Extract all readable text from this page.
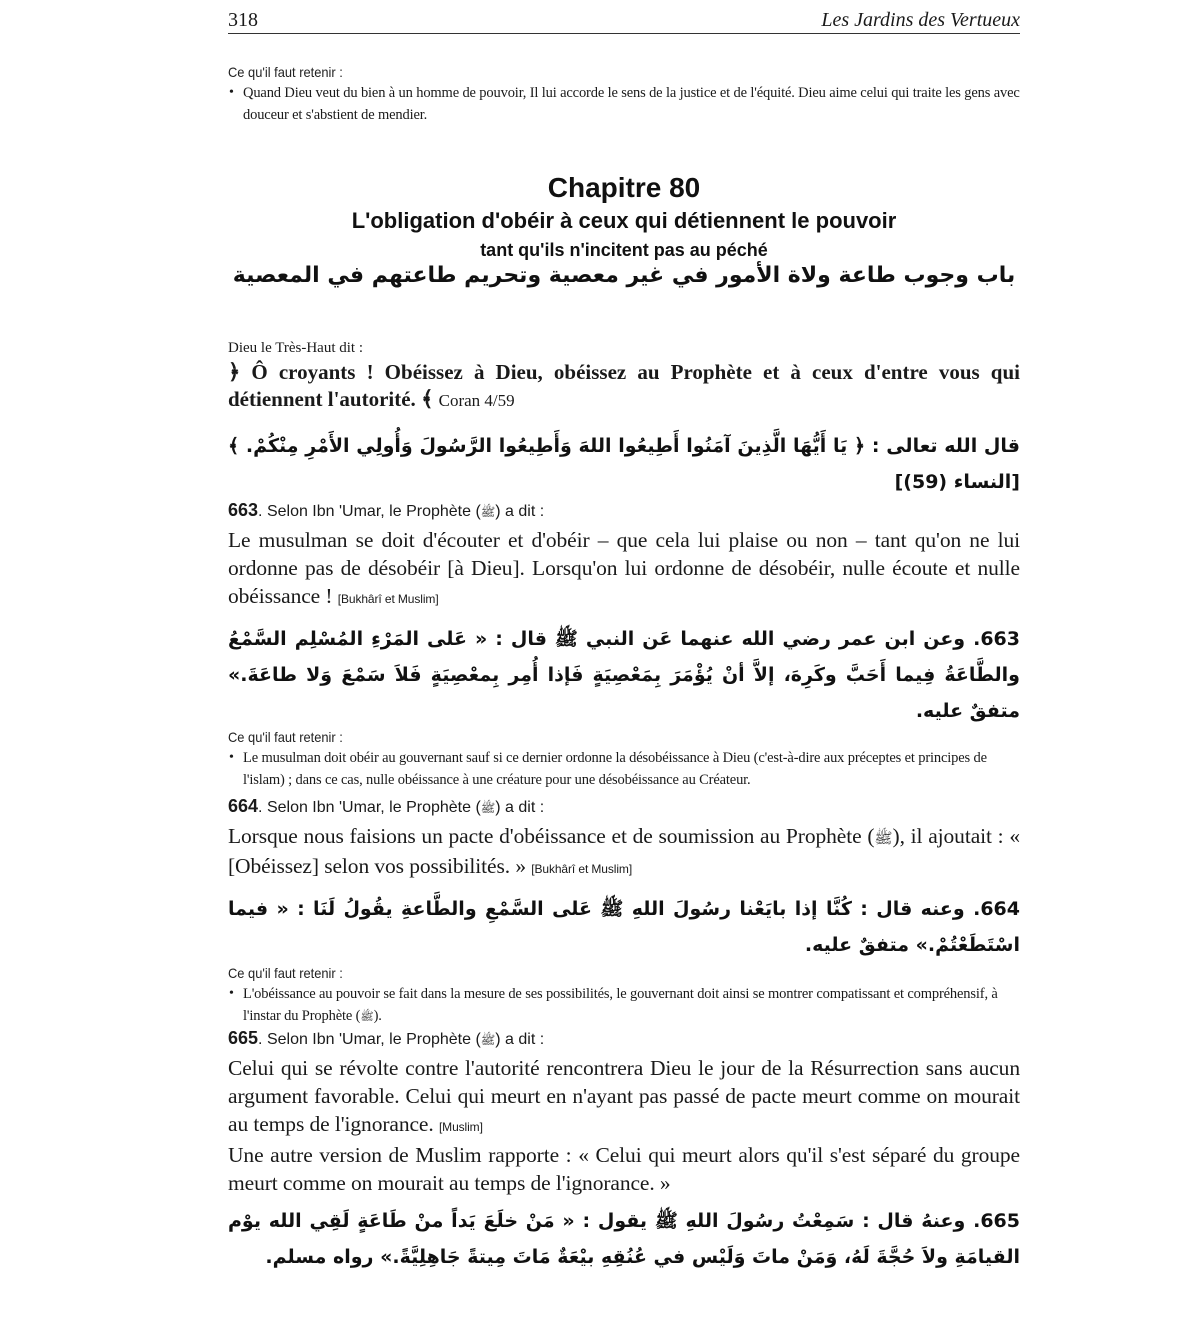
318	Les Jardins des Vertueux
Ce qu'il faut retenir :
• Quand Dieu veut du bien à un homme de pouvoir, Il lui accorde le sens de la justice et de l'équité. Dieu aime celui qui traite les gens avec douceur et s'abstient de mendier.
Chapitre 80
L'obligation d'obéir à ceux qui détiennent le pouvoir
tant qu'ils n'incitent pas au péché
باب وجوب طاعة ولاة الأمور في غير معصية وتحريم طاعتهم في المعصية
Dieu le Très-Haut dit :
﴿ Ô croyants ! Obéissez à Dieu, obéissez au Prophète et à ceux d'entre vous qui détiennent l'autorité. ﴾ Coran 4/59
قال الله تعالى : ﴿ يَا أَيُّهَا الَّذِينَ آمَنُوا أَطِيعُوا اللهَ وَأَطِيعُوا الرَّسُولَ وَأُولِي الأَمْرِ مِنْكُمْ. ﴾ [النساء (59)]
663. Selon Ibn 'Umar, le Prophète (ﷺ) a dit :
Le musulman se doit d'écouter et d'obéir – que cela lui plaise ou non – tant qu'on ne lui ordonne pas de désobéir [à Dieu]. Lorsqu'on lui ordonne de désobéir, nulle écoute et nulle obéissance ! [Bukhârî et Muslim]
663. وعن ابن عمر رضي الله عنهما عَن النبي ﷺ قال : « عَلى المَرْءِ المُسْلِم السَّمْعُ والطَّاعَةُ فِيما أَحَبَّ وكَرِهَ، إلاَّ أنْ يُؤْمَرَ بِمَعْصِيَةٍ فَإذا أُمِر بِمعْصِيَةٍ فَلاَ سَمْعَ وَلا طاعَةَ.» متفقٌ عليه.
Ce qu'il faut retenir :
• Le musulman doit obéir au gouvernant sauf si ce dernier ordonne la désobéissance à Dieu (c'est-à-dire aux préceptes et principes de l'islam) ; dans ce cas, nulle obéissance à une créature pour une désobéissance au Créateur.
664. Selon Ibn 'Umar, le Prophète (ﷺ) a dit :
Lorsque nous faisions un pacte d'obéissance et de soumission au Prophète (ﷺ), il ajoutait : « [Obéissez] selon vos possibilités. » [Bukhârî et Muslim]
664. وعنه قال : كُنَّا إذا بايَعْنا رسُولَ اللهِ ﷺ عَلى السَّمْعِ والطَّاعةِ يقُولُ لَنَا : « فيما اسْتَطَعْتُمْ.» متفقٌ عليه.
Ce qu'il faut retenir :
• L'obéissance au pouvoir se fait dans la mesure de ses possibilités, le gouvernant doit ainsi se montrer compatissant et compréhensif, à l'instar du Prophète (ﷺ).
665. Selon Ibn 'Umar, le Prophète (ﷺ) a dit :
Celui qui se révolte contre l'autorité rencontrera Dieu le jour de la Résurrection sans aucun argument favorable. Celui qui meurt en n'ayant pas passé de pacte meurt comme on mourait au temps de l'ignorance. [Muslim]
Une autre version de Muslim rapporte : « Celui qui meurt alors qu'il s'est séparé du groupe meurt comme on mourait au temps de l'ignorance. »
665. وعنهُ قال : سَمِعْتُ رسُولَ اللهِ ﷺ يقول : « مَنْ خلَعَ يَداً منْ طَاعَةٍ لَقِي الله يوْم القيامَةِ ولاَ حُجَّةَ لَهُ، وَمَنْ ماتَ وَلَيْس في عُنُقِهِ بيْعَةٌ مَاتَ مِيتةً جَاهِلِيَّةً.» رواه مسلم.
